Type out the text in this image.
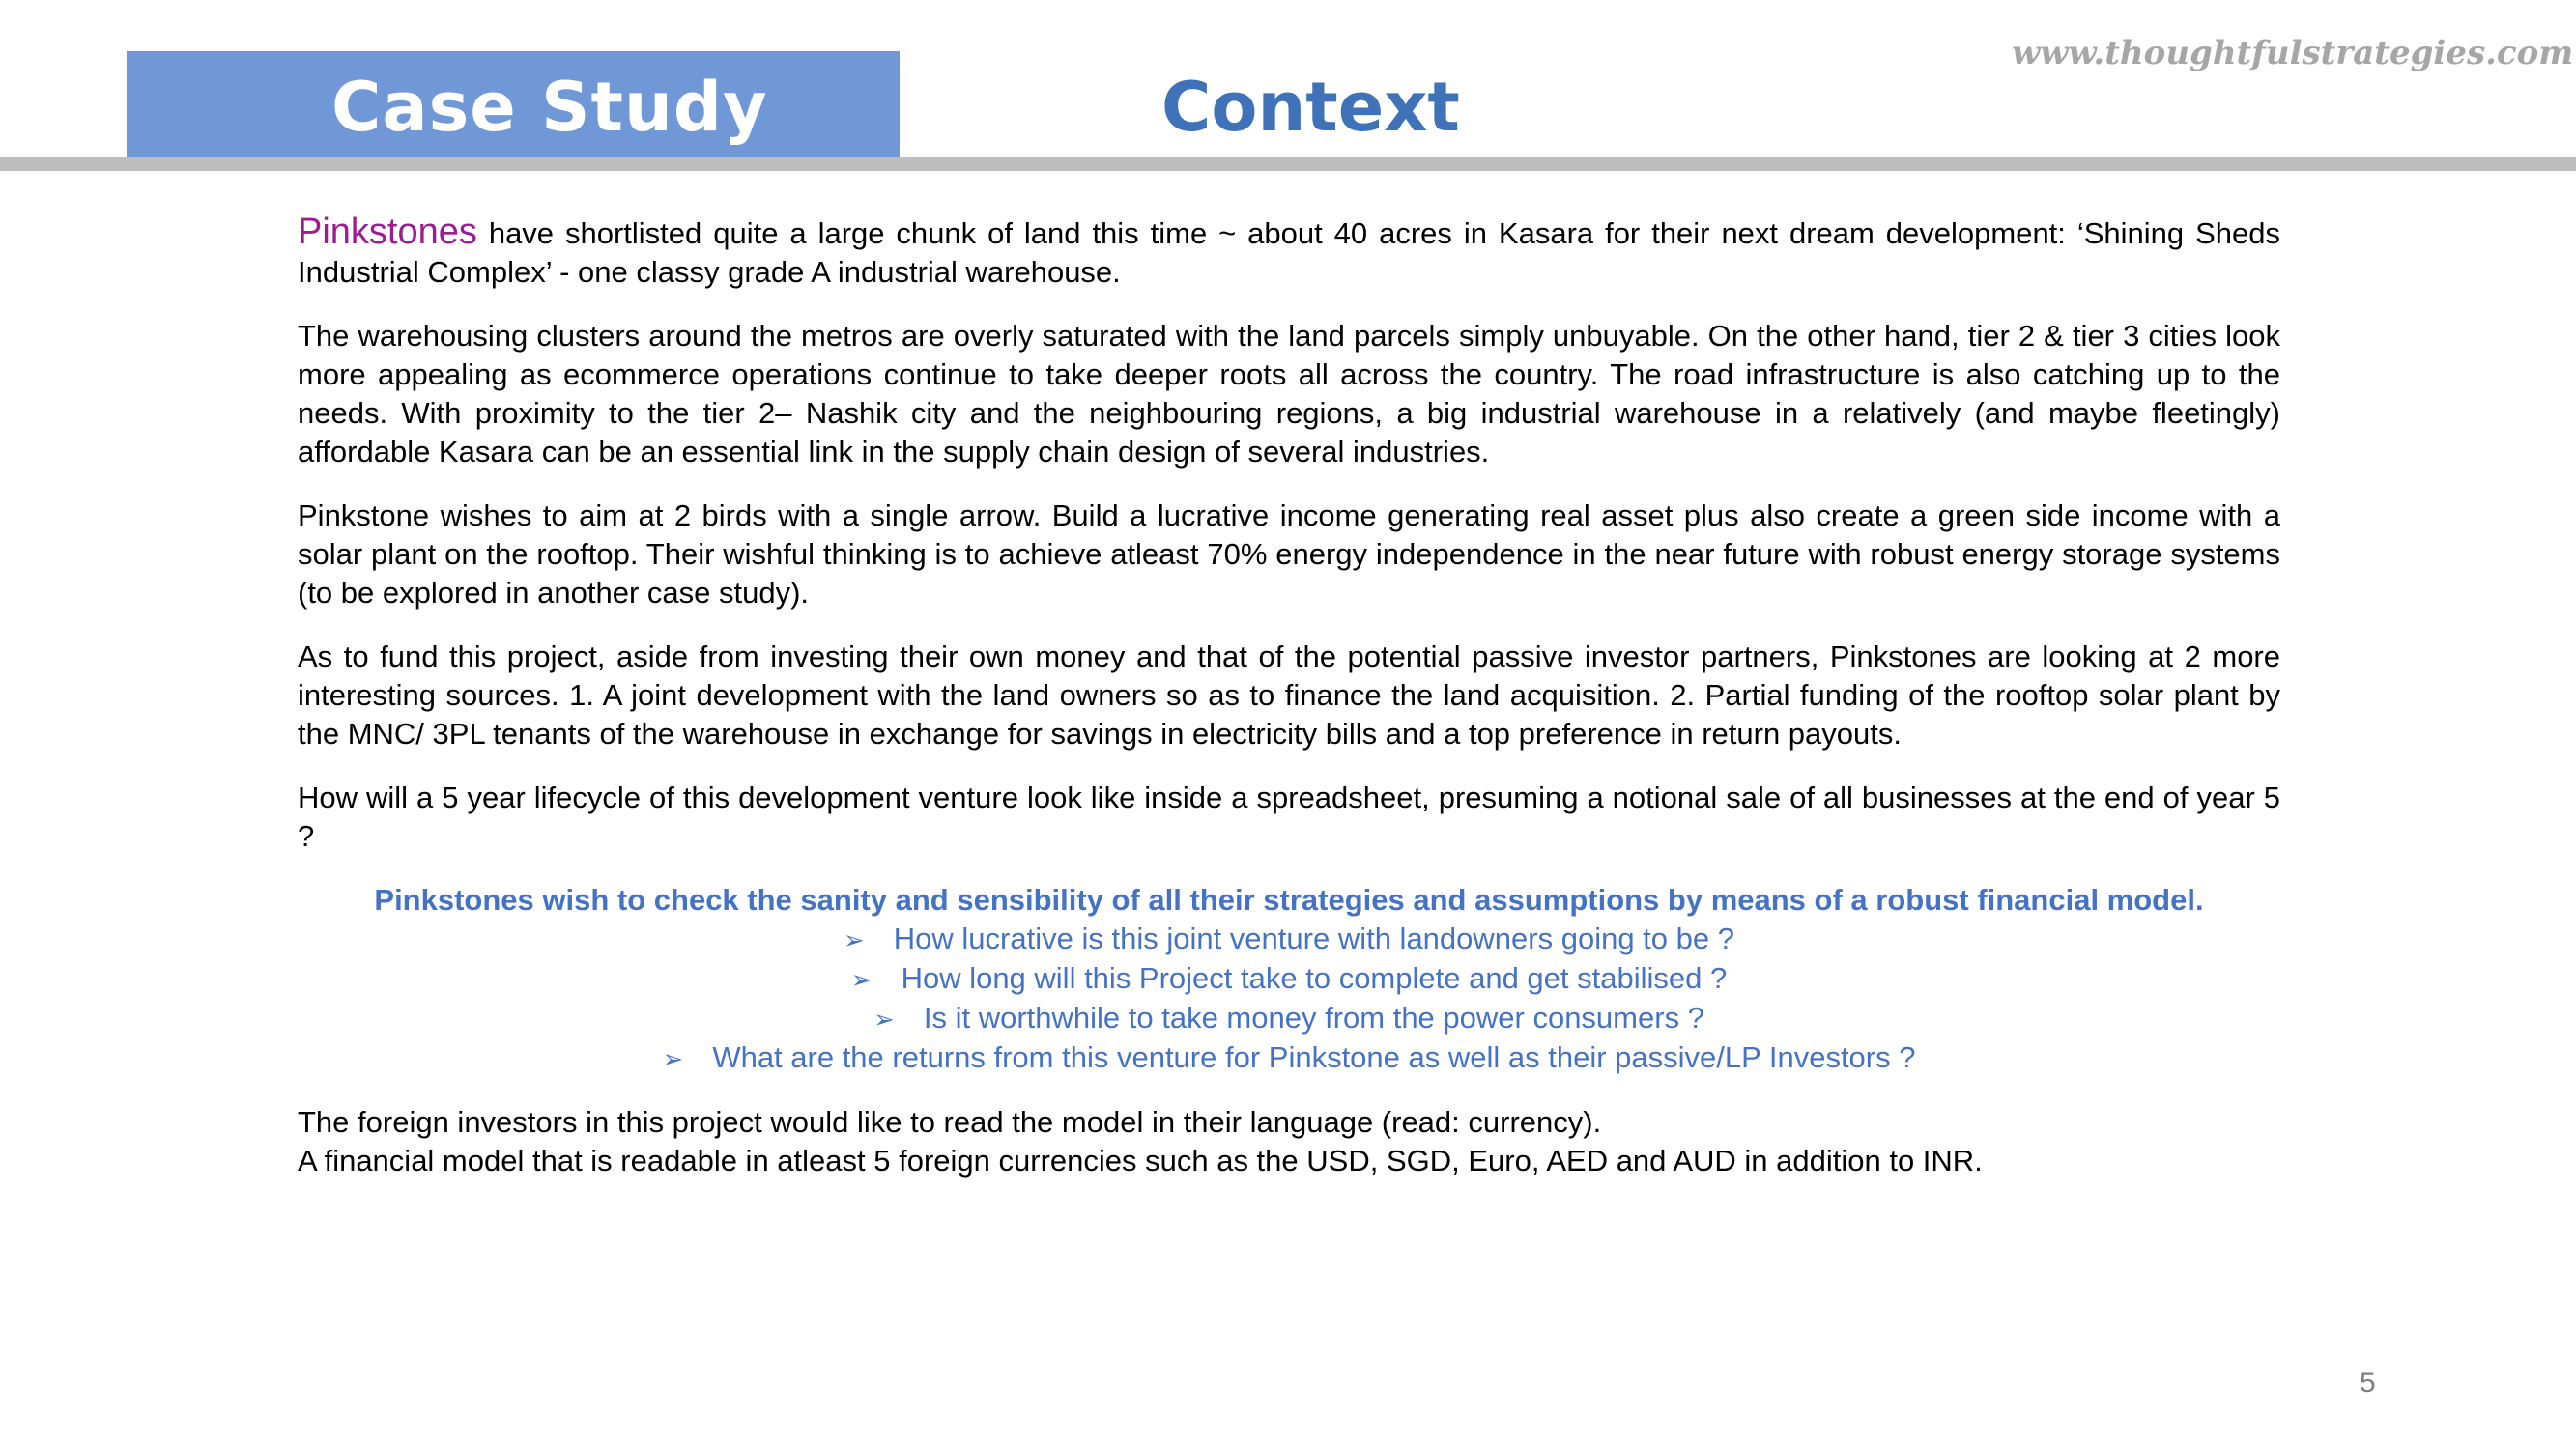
Case Study	Context
www.thoughtfulstrategies.com

Pinkstones have shortlisted quite a large chunk of land this time ~ about 40 acres in Kasara for their next dream development: ‘Shining Sheds Industrial Complex’ - one classy grade A industrial warehouse.

The warehousing clusters around the metros are overly saturated with the land parcels simply unbuyable. On the other hand, tier 2 & tier 3 cities look more appealing as ecommerce operations continue to take deeper roots all across the country. The road infrastructure is also catching up to the needs. With proximity to the tier 2– Nashik city and the neighbouring regions, a big industrial warehouse in a relatively (and maybe fleetingly) affordable Kasara can be an essential link in the supply chain design of several industries.

Pinkstone wishes to aim at 2 birds with a single arrow. Build a lucrative income generating real asset plus also create a green side income with a solar plant on the rooftop. Their wishful thinking is to achieve atleast 70% energy independence in the near future with robust energy storage systems (to be explored in another case study).

As to fund this project, aside from investing their own money and that of the potential passive investor partners, Pinkstones are looking at 2 more interesting sources. 1. A joint development with the land owners so as to finance the land acquisition. 2. Partial funding of the rooftop solar plant by the MNC/ 3PL tenants of the warehouse in exchange for savings in electricity bills and a top preference in return payouts.

How will a 5 year lifecycle of this development venture look like inside a spreadsheet, presuming a notional sale of all businesses at the end of year 5 ?

Pinkstones wish to check the sanity and sensibility of all their strategies and assumptions by means of a robust financial model.
➢ How lucrative is this joint venture with landowners going to be ?
➢ How long will this Project take to complete and get stabilised ?
➢ Is it worthwhile to take money from the power consumers ?
➢ What are the returns from this venture for Pinkstone as well as their passive/LP Investors ?
The foreign investors in this project would like to read the model in their language (read: currency).
A financial model that is readable in atleast 5 foreign currencies such as the USD, SGD, Euro, AED and AUD in addition to INR.
5
